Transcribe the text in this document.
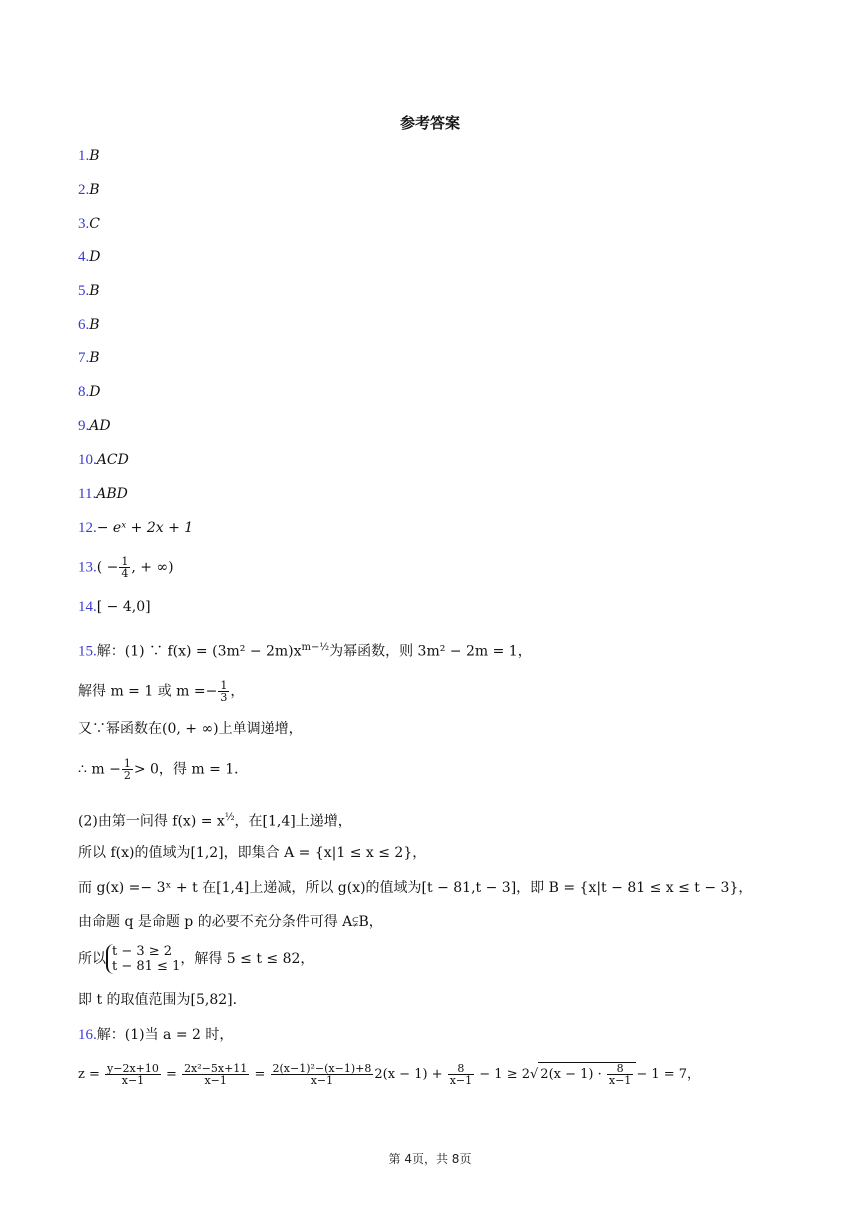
参考答案
1.B
2.B
3.C
4.D
5.B
6.B
7.B
8.D
9.AD
10.ACD
11.ABD
12.− eˣ + 2x + 1
$13.( - \frac{1}{4}$ , + ∞)
14.[ − 4,0]
15.解：(1) ∵ $f(x) = (3m^2 - 2m)x^{m-\frac{1}{2}}$为幂函数，则 3m² − 2m = 1，
解得 m = 1 或 $m =- \frac{1}{3}$ ，
又∵幂函数在(0, + ∞)上单调递增，
∴ $m - \frac{1}{2} > 0$，得 m = 1．
(2)由第一问得 $f(x) = x^{\frac{1}{2}}$，在[1,4]上递增，
所以 f(x)的值域为[1,2]，即集合 A = {x|1 ≤ x ≤ 2}，
而 g(x) =− 3ˣ + t 在[1,4]上递减，所以 g(x)的值域为[t − 81,t − 3]，即 B = {x|t − 81 ≤ x ≤ t − 3}，
由命题 q 是命题 p 的必要不充分条件可得 A⫋B，
所以 t − 3 ≥ 2
t − 81 ≤ 1 ，解得 5 ≤ t ≤ 82，
即 t 的取值范围为[5,82]．
16.解：(1)当 a = 2 时，
$z = \frac{y-2x+10}{x-1} = \frac{\text{2x²−5x+11}}{x-1} = \frac{\text{2(x−1)²−(x−1)+8}}{x-1} 2(x - 1) + \frac{8}{x-1} - 1 \ge 2√$ $2(x - 1) \cdot \frac{8}{x-1} - 1 = 7$，
第 4页，共 8页
